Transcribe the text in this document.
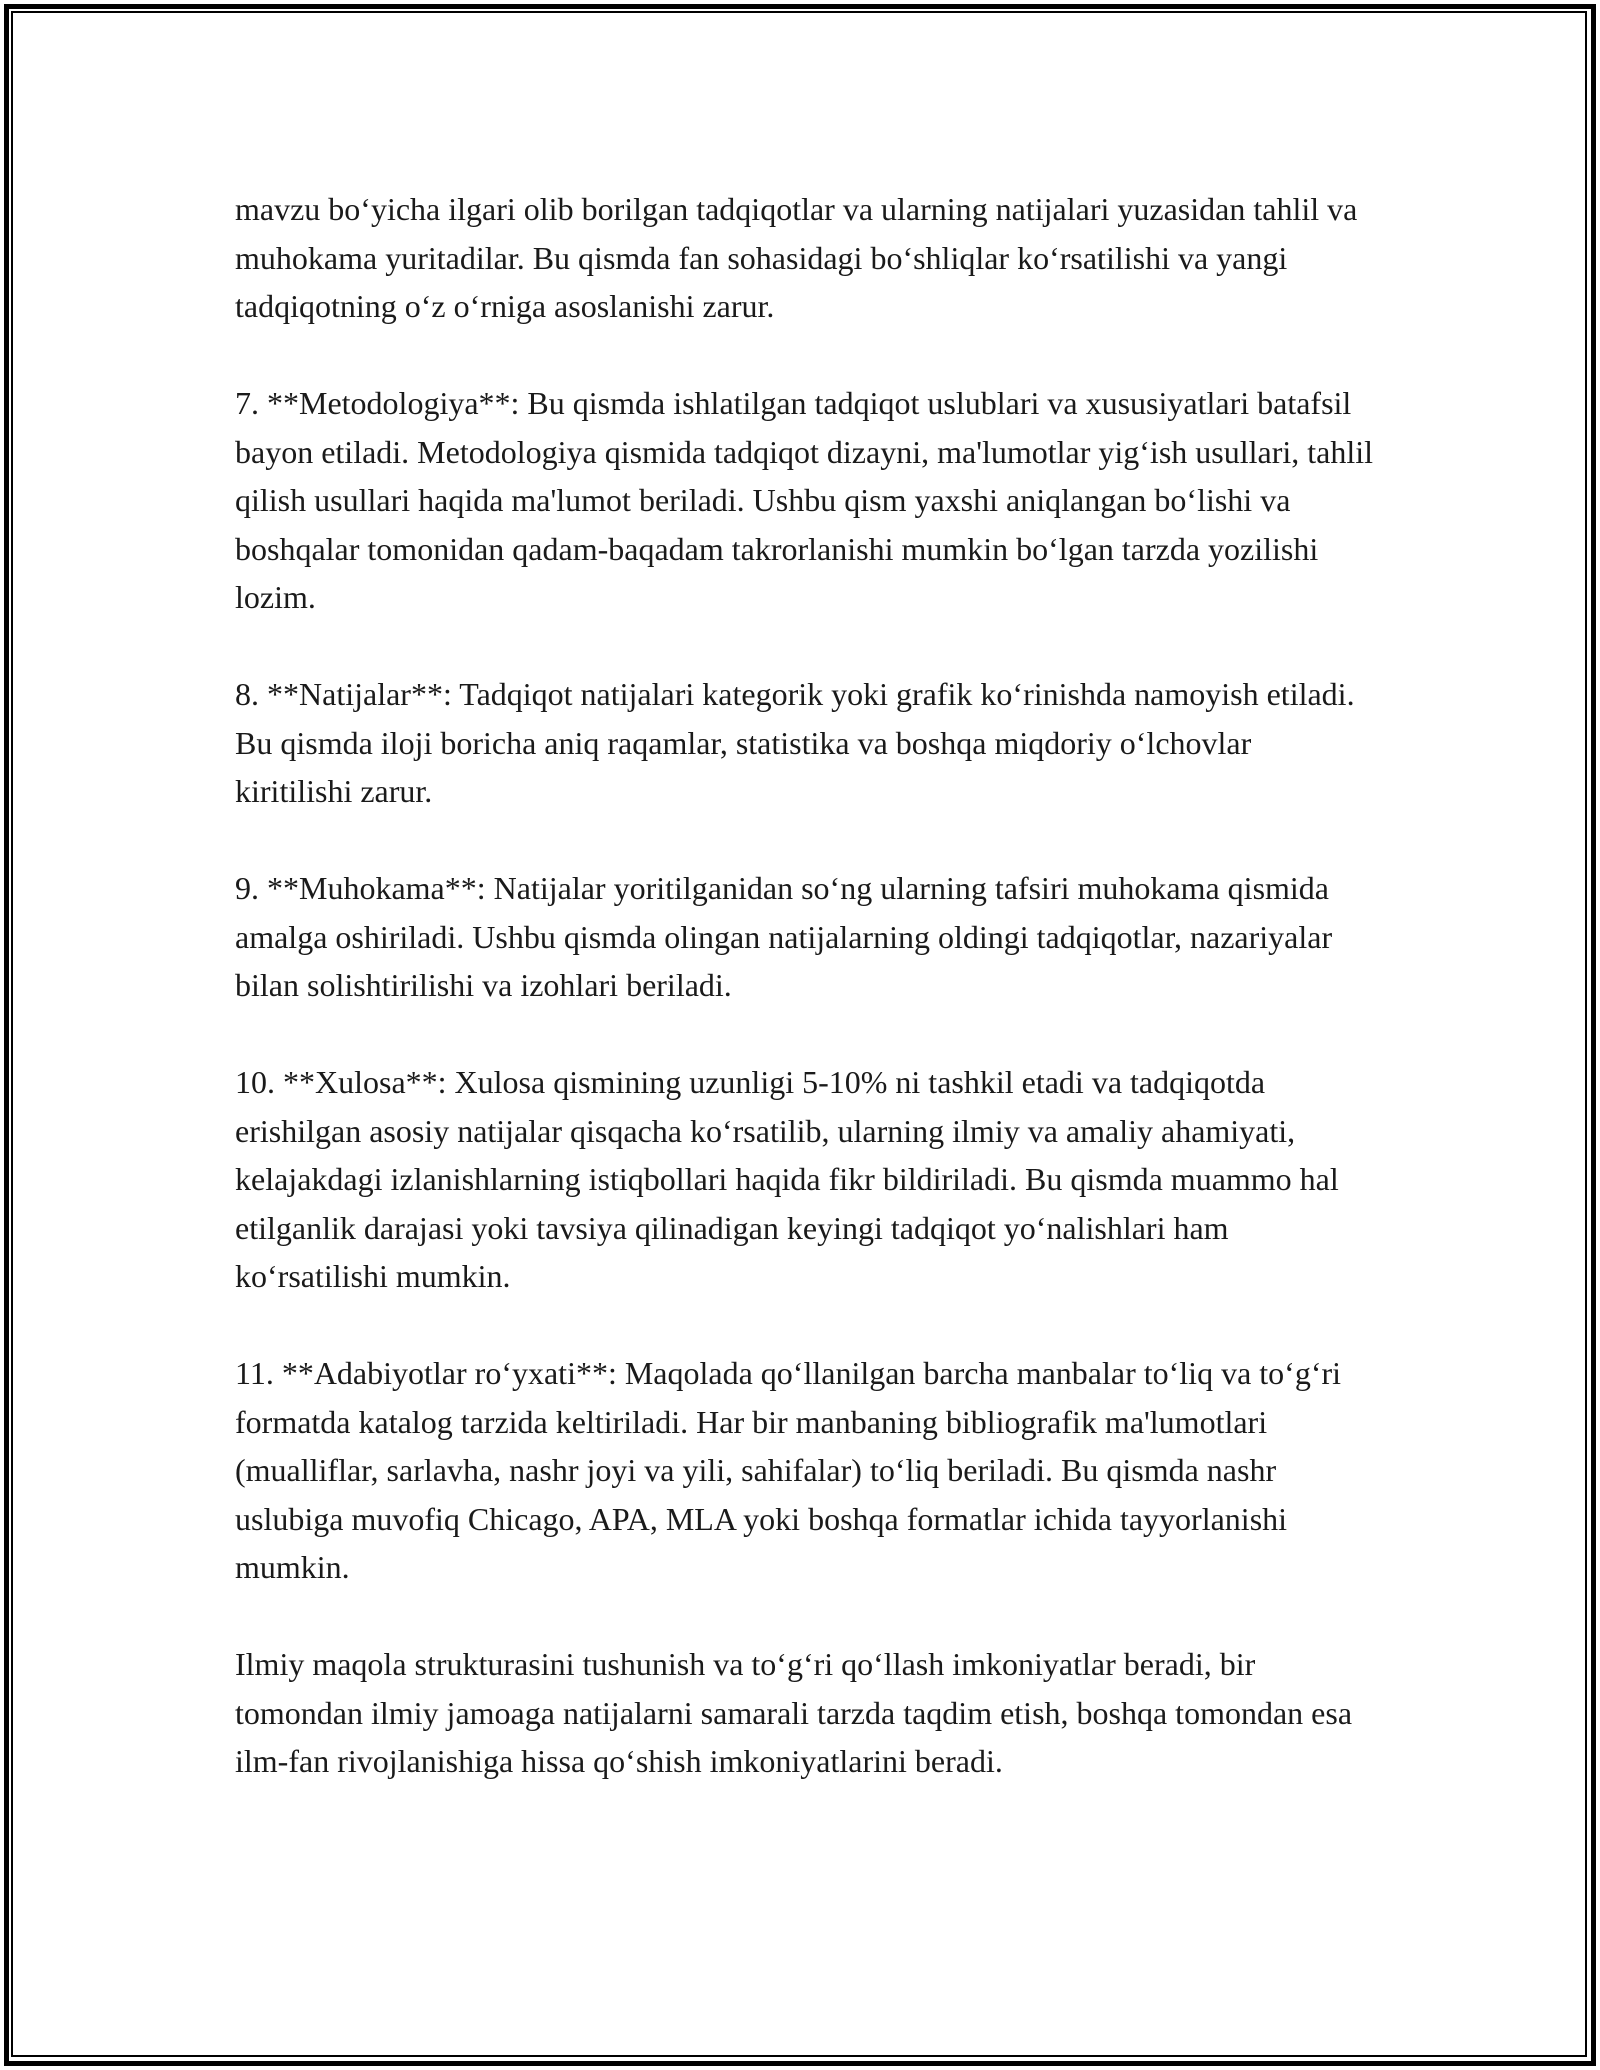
mavzu bo‘yicha ilgari olib borilgan tadqiqotlar va ularning natijalari yuzasidan tahlil va muhokama yuritadilar. Bu qismda fan sohasidagi bo‘shliqlar ko‘rsatilishi va yangi tadqiqotning o‘z o‘rniga asoslanishi zarur.

7. **Metodologiya**: Bu qismda ishlatilgan tadqiqot uslublari va xususiyatlari batafsil bayon etiladi. Metodologiya qismida tadqiqot dizayni, ma'lumotlar yig‘ish usullari, tahlil qilish usullari haqida ma'lumot beriladi. Ushbu qism yaxshi aniqlangan bo‘lishi va boshqalar tomonidan qadam-baqadam takrorlanishi mumkin bo‘lgan tarzda yozilishi lozim.

8. **Natijalar**: Tadqiqot natijalari kategorik yoki grafik ko‘rinishda namoyish etiladi. Bu qismda iloji boricha aniq raqamlar, statistika va boshqa miqdoriy o‘lchovlar kiritilishi zarur.

9. **Muhokama**: Natijalar yoritilganidan so‘ng ularning tafsiri muhokama qismida amalga oshiriladi. Ushbu qismda olingan natijalarning oldingi tadqiqotlar, nazariyalar bilan solishtirilishi va izohlari beriladi.

10. **Xulosa**: Xulosa qismining uzunligi 5-10% ni tashkil etadi va tadqiqotda erishilgan asosiy natijalar qisqacha ko‘rsatilib, ularning ilmiy va amaliy ahamiyati, kelajakdagi izlanishlarning istiqbollari haqida fikr bildiriladi. Bu qismda muammo hal etilganlik darajasi yoki tavsiya qilinadigan keyingi tadqiqot yo‘nalishlari ham ko‘rsatilishi mumkin.

11. **Adabiyotlar ro‘yxati**: Maqolada qo‘llanilgan barcha manbalar to‘liq va to‘g‘ri formatda katalog tarzida keltiriladi. Har bir manbaning bibliografik ma'lumotlari (mualliflar, sarlavha, nashr joyi va yili, sahifalar) to‘liq beriladi. Bu qismda nashr uslubiga muvofiq Chicago, APA, MLA yoki boshqa formatlar ichida tayyorlanishi mumkin.

Ilmiy maqola strukturasini tushunish va to‘g‘ri qo‘llash imkoniyatlar beradi, bir tomondan ilmiy jamoaga natijalarni samarali tarzda taqdim etish, boshqa tomondan esa ilm-fan rivojlanishiga hissa qo‘shish imkoniyatlarini beradi.
